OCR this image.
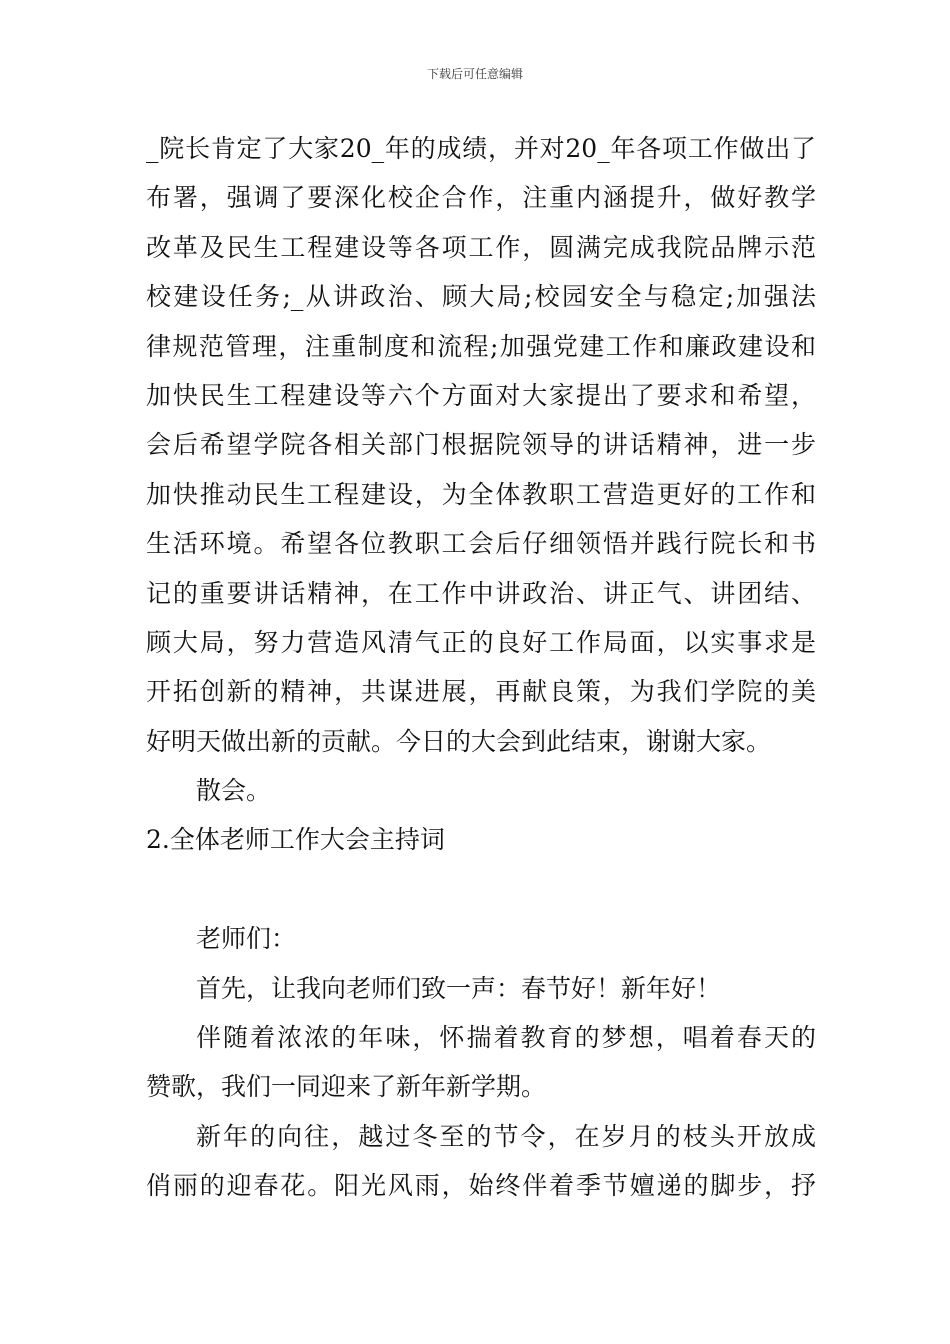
下载后可任意编辑
_院长肯定了大家20_年的成绩，并对20_年各项工作做出了
布署，强调了要深化校企合作，注重内涵提升，做好教学
改革及民生工程建设等各项工作，圆满完成我院品牌示范
校建设任务;_从讲政治、顾大局;校园安全与稳定;加强法
律规范管理，注重制度和流程;加强党建工作和廉政建设和
加快民生工程建设等六个方面对大家提出了要求和希望，
会后希望学院各相关部门根据院领导的讲话精神，进一步
加快推动民生工程建设，为全体教职工营造更好的工作和
生活环境。希望各位教职工会后仔细领悟并践行院长和书
记的重要讲话精神，在工作中讲政治、讲正气、讲团结、
顾大局，努力营造风清气正的良好工作局面，以实事求是
开拓创新的精神，共谋进展，再献良策，为我们学院的美
好明天做出新的贡献。今日的大会到此结束，谢谢大家。
散会。
2.全体老师工作大会主持词
老师们：
首先，让我向老师们致一声：春节好！新年好！
伴随着浓浓的年味，怀揣着教育的梦想，唱着春天的
赞歌，我们一同迎来了新年新学期。
新年的向往，越过冬至的节令，在岁月的枝头开放成
俏丽的迎春花。阳光风雨，始终伴着季节嬗递的脚步，抒
